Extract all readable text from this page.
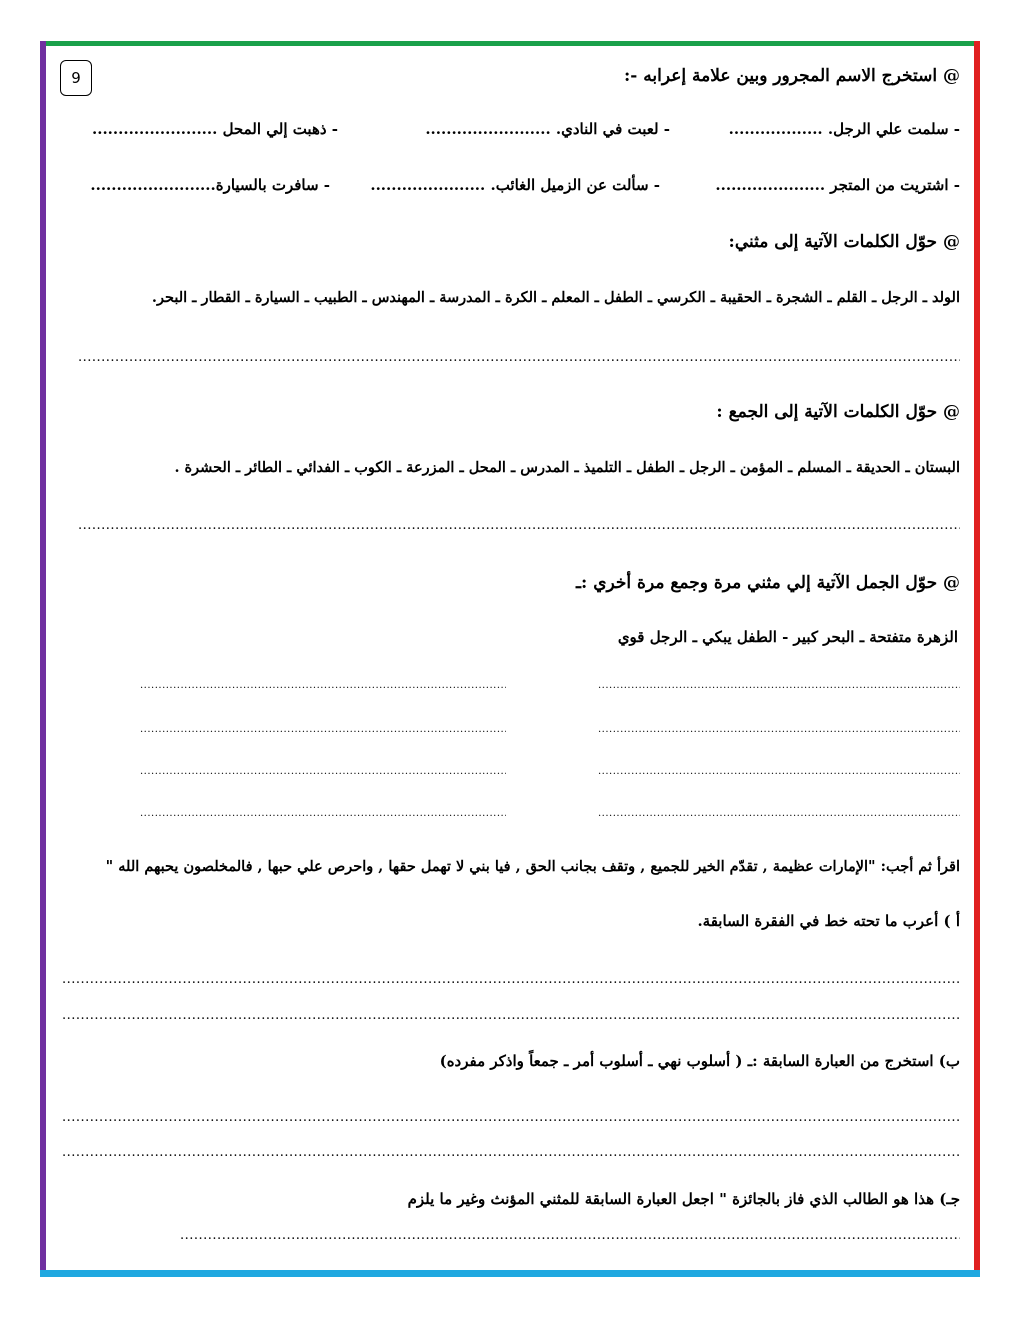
9	@ استخرج الاسم المجرور وبين علامة إعرابه -:
- سلمت علي الرجل. ..................
- لعبت في النادي. ........................
- ذهبت إلي المحل ........................
- اشتريت من المتجر .....................
- سألت عن الزميل الغائب. ......................
- سافرت بالسيارة........................
@ حوّل الكلمات الآتية إلى مثني:
الولد ـ الرجل ـ القلم ـ الشجرة ـ الحقيبة ـ الكرسي ـ الطفل ـ المعلم ـ الكرة ـ المدرسة ـ المهندس ـ الطبيب ـ السيارة ـ القطار ـ البحر.
.....
@ حوّل الكلمات الآتية إلى الجمع :
البستان ـ الحديقة ـ المسلم ـ المؤمن ـ الرجل ـ الطفل ـ التلميذ ـ المدرس ـ المحل ـ المزرعة ـ الكوب ـ الفدائي ـ الطائر ـ الحشرة .
.....
@ حوّل الجمل الآتية إلي مثني مرة وجمع مرة أخري :ـ
الزهرة متفتحة ـ البحر كبير - الطفل يبكي ـ الرجل قوي
.....
.....
.....
.....
.....
.....
.....
.....
اقرأ ثم أجب: "الإمارات عظيمة , تقدّم الخير للجميع , وتقف بجانب الحق , فيا بني لا تهمل حقها , واحرص علي حبها , فالمخلصون يحبهم الله "
أ ) أعرب ما تحته خط في الفقرة السابقة.
.....
.....
ب) استخرج من العبارة السابقة :ـ ( أسلوب نهي ـ أسلوب أمر ـ جمعاً واذكر مفرده)
.....
.....
جـ) هذا هو الطالب الذي فاز بالجائزة " اجعل العبارة السابقة للمثني المؤنث وغير ما يلزم
.....
